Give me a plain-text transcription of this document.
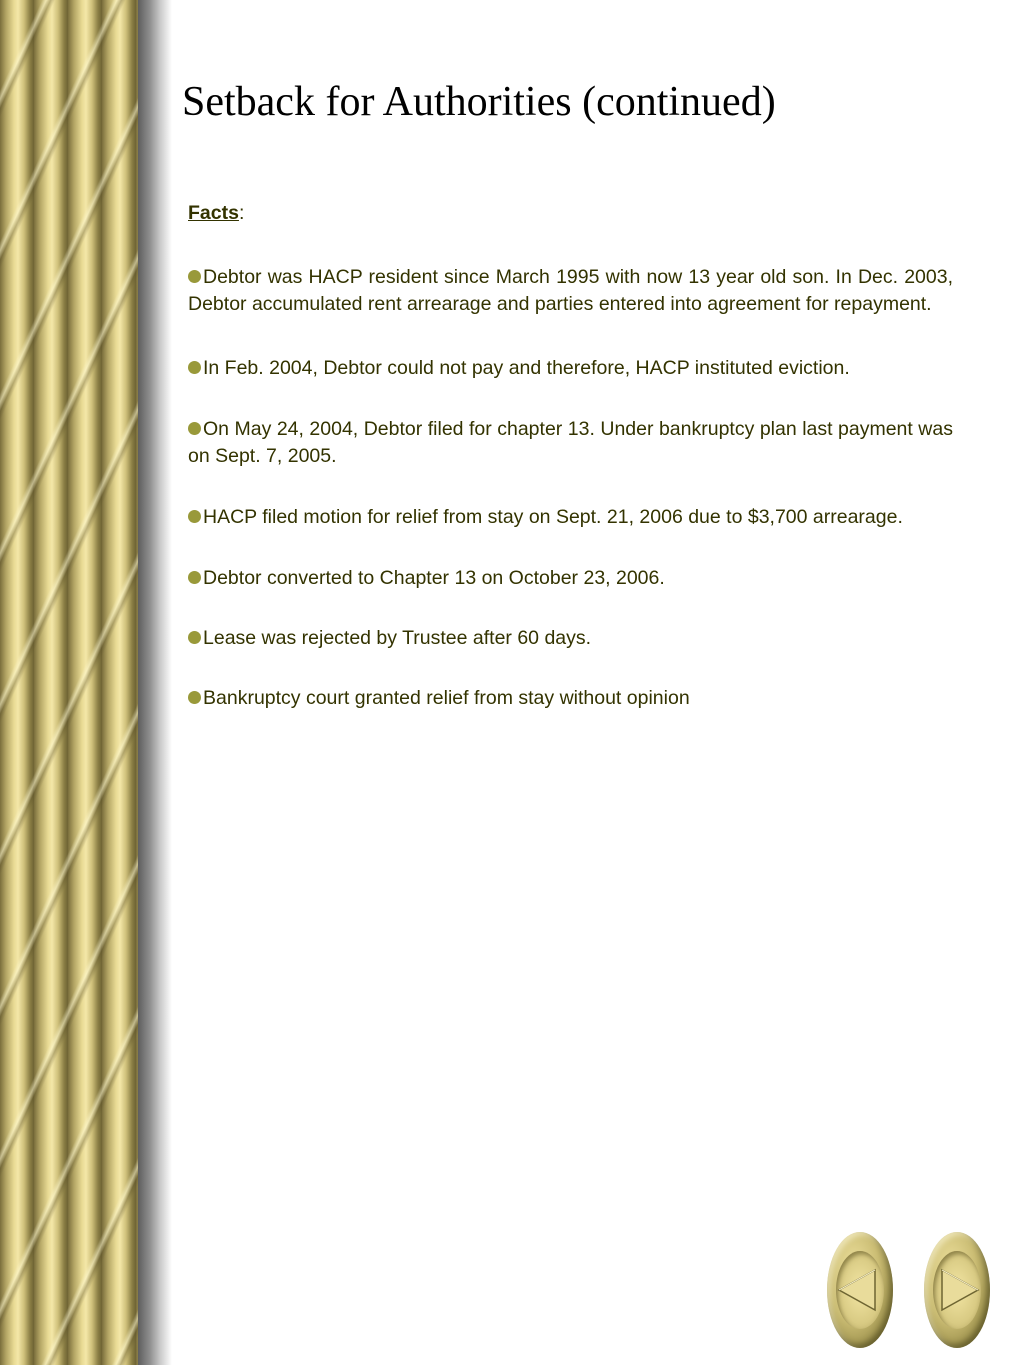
Setback for Authorities (continued)

Facts:

Debtor was HACP resident since March 1995 with now 13 year old son. In Dec. 2003, Debtor accumulated rent arrearage and parties entered into agreement for repayment.

In Feb. 2004, Debtor could not pay and therefore, HACP instituted eviction.

On May 24, 2004, Debtor filed for chapter 13. Under bankruptcy plan last payment was on Sept. 7, 2005.

HACP filed motion for relief from stay on Sept. 21, 2006 due to $3,700 arrearage.

Debtor converted to Chapter 13 on October 23, 2006.

Lease was rejected by Trustee after 60 days.

Bankruptcy court granted relief from stay without opinion
